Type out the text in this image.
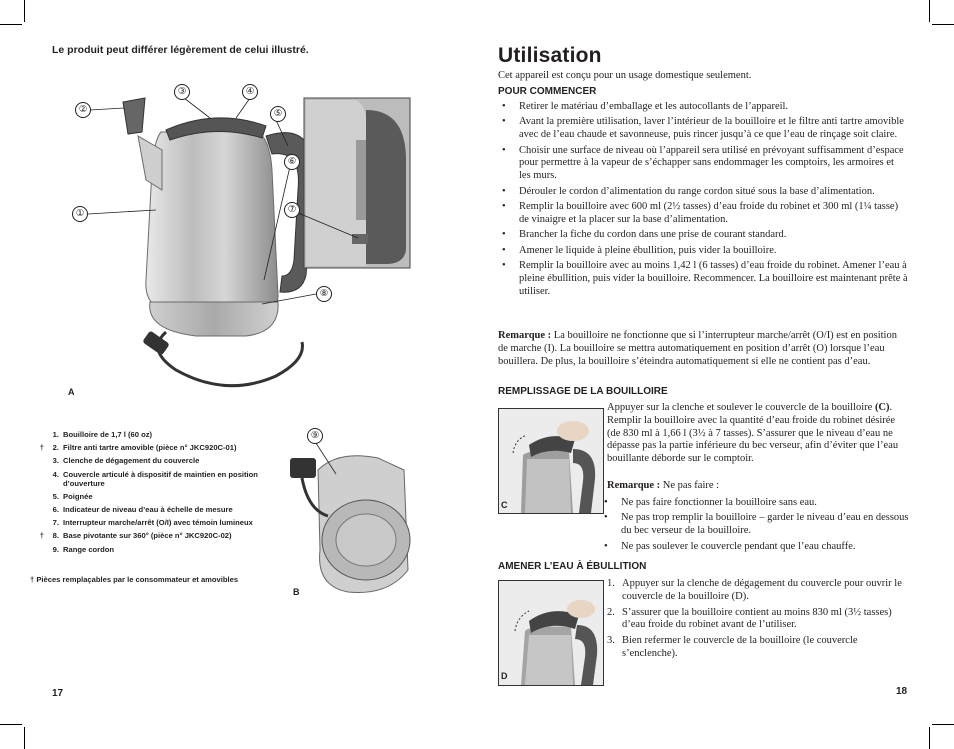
Le produit peut différer légèrement de celui illustré.
①
②
③	④
⑤
⑥
⑦
⑧
A
1. Bouilloire de 1,7 l (60 oz)
†	2. Filtre anti tartre amovible (pièce n° JKC920C-01)
3. Clenche de dégagement du couvercle
4. Couvercle articulé à dispositif de maintien en position d’ouverture
5. Poignée
6. Indicateur de niveau d’eau à échelle de mesure
7. Interrupteur marche/arrêt (O/I) avec témoin lumineux
†	8. Base pivotante sur 360° (pièce n° JKC920C-02)
9. Range cordon
† Pièces remplaçables par le consommateur et amovibles
⑨
B
17
Utilisation
Cet appareil est conçu pour un usage domestique seulement.
POUR COMMENCER
• Retirer le matériau d’emballage et les autocollants de l’appareil.
• Avant la première utilisation, laver l’intérieur de la bouilloire et le filtre anti tartre amovible avec de l’eau chaude et savonneuse, puis rincer jusqu’à ce que l’eau de rinçage soit claire.
• Choisir une surface de niveau où l’appareil sera utilisé en prévoyant suffisamment d’espace pour permettre à la vapeur de s’échapper sans endommager les comptoirs, les armoires et les murs.
• Dérouler le cordon d’alimentation du range cordon situé sous la base d’alimentation.
• Remplir la bouilloire avec 600 ml (2½ tasses) d’eau froide du robinet et 300 ml (1¼ tasse) de vinaigre et la placer sur la base d’alimentation.
• Brancher la fiche du cordon dans une prise de courant standard.
• Amener le liquide à pleine ébullition, puis vider la bouilloire.
• Remplir la bouilloire avec au moins 1,42 l (6 tasses) d’eau froide du robinet. Amener l’eau à pleine ébullition, puis vider la bouilloire. Recommencer. La bouilloire est maintenant prête à utiliser.
Remarque : La bouilloire ne fonctionne que si l’interrupteur marche/arrêt (O/I) est en position de marche (I). La bouilloire se mettra automatiquement en position d’arrêt (O) lorsque l’eau bouillera. De plus, la bouilloire s’éteindra automatiquement si elle ne contient pas d’eau.
REMPLISSAGE DE LA BOUILLOIRE
C
Appuyer sur la clenche et soulever le couvercle de la bouilloire (C). Remplir la bouilloire avec la quantité d’eau froide du robinet désirée (de 830 ml à 1,66 l (3½ à 7 tasses). S’assurer que le niveau d’eau ne dépasse pas la partie inférieure du bec verseur, afin d’éviter que l’eau bouillante déborde sur le comptoir.
Remarque : Ne pas faire :
• Ne pas faire fonctionner la bouilloire sans eau.
• Ne pas trop remplir la bouilloire – garder le niveau d’eau en dessous du bec verseur de la bouilloire.
• Ne pas soulever le couvercle pendant que l’eau chauffe.
AMENER L’EAU À ÉBULLITION
D
1. Appuyer sur la clenche de dégagement du couvercle pour ouvrir le couvercle de la bouilloire (D).
2. S’assurer que la bouilloire contient au moins 830 ml (3½ tasses) d’eau froide du robinet avant de l’utiliser.
3. Bien refermer le couvercle de la bouilloire (le couvercle s’enclenche).
18
